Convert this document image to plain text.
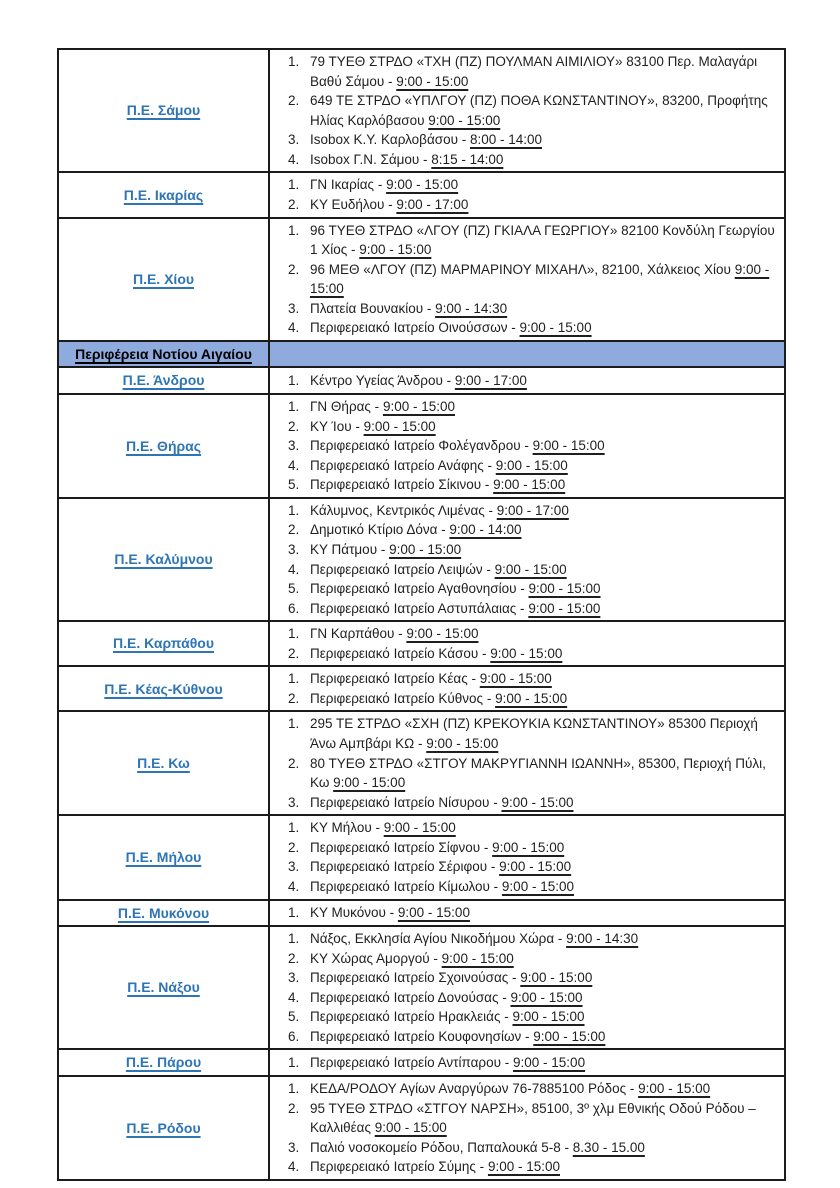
Π.Ε. Σάμου	
1. 79 ΤΥΕΘ ΣΤΡΔΟ «ΤΧΗ (ΠΖ) ΠΟΥΛΜΑΝ ΑΙΜΙΛΙΟΥ» 83100 Περ. Μαλαγάρι Βαθύ Σάμου - 9:00 - 15:00
2. 649 ΤΕ ΣΤΡΔΟ «ΥΠΛΓΟΥ (ΠΖ) ΠΟΘΑ ΚΩΝΣΤΑΝΤΙΝΟΥ», 83200, Προφήτης Ηλίας Καρλόβασου 9:00 - 15:00
3. Isobox Κ.Υ. Καρλοβάσου - 8:00 - 14:00
4. Isobox Γ.Ν. Σάμου - 8:15 - 14:00

Π.Ε. Ικαρίας	
1. ΓΝ Ικαρίας - 9:00 - 15:00
2. ΚΥ Ευδήλου - 9:00 - 17:00

Π.Ε. Χίου	
1. 96 ΤΥΕΘ ΣΤΡΔΟ «ΛΓΟΥ (ΠΖ) ΓΚΙΑΛΑ ΓΕΩΡΓΙΟΥ» 82100 Κονδύλη Γεωργίου 1 Χίος - 9:00 - 15:00
2. 96 ΜΕΘ «ΛΓΟΥ (ΠΖ) ΜΑΡΜΑΡΙΝΟΥ ΜΙΧΑΗΛ», 82100, Χάλκειος Χίου 9:00 - 15:00
3. Πλατεία Βουνακίου - 9:00 - 14:30
4. Περιφερειακό Ιατρείο Οινούσσων - 9:00 - 15:00

Περιφέρεια Νοτίου Αιγαίου	
Π.Ε. Άνδρου	
1.Κέντρο Υγείας Άνδρου - 9:00 - 17:00

Π.Ε. Θήρας	
1. ΓΝ Θήρας - 9:00 - 15:00
2. ΚΥ Ίου - 9:00 - 15:00
3. Περιφερειακό Ιατρείο Φολέγανδρου - 9:00 - 15:00
4. Περιφερειακό Ιατρείο Ανάφης - 9:00 - 15:00
5. Περιφερειακό Ιατρείο Σίκινου - 9:00 - 15:00

Π.Ε. Καλύμνου	
1. Κάλυμνος, Κεντρικός Λιμένας - 9:00 - 17:00
2. Δημοτικό Κτίριο Δόνα - 9:00 - 14:00
3. ΚΥ Πάτμου - 9:00 - 15:00
4. Περιφερειακό Ιατρείο Λειψών - 9:00 - 15:00
5. Περιφερειακό Ιατρείο Αγαθονησίου - 9:00 - 15:00
6. Περιφερειακό Ιατρείο Αστυπάλαιας - 9:00 - 15:00

Π.Ε. Καρπάθου	
1. ΓΝ Καρπάθου - 9:00 - 15:00
2. Περιφερειακό Ιατρείο Κάσου - 9:00 - 15:00

Π.Ε. Κέας-Κύθνου	
1. Περιφερειακό Ιατρείο Κέας - 9:00 - 15:00
2. Περιφερειακό Ιατρείο Κύθνος - 9:00 - 15:00

Π.Ε. Κω	
1. 295 ΤΕ ΣΤΡΔΟ «ΣΧΗ (ΠΖ) ΚΡΕΚΟΥΚΙΑ ΚΩΝΣΤΑΝΤΙΝΟΥ» 85300 Περιοχή Άνω Αμπβάρι ΚΩ - 9:00 - 15:00
2. 80 ΤΥΕΘ ΣΤΡΔΟ «ΣΤΓΟΥ ΜΑΚΡΥΓΙΑΝΝΗ ΙΩΑΝΝΗ», 85300, Περιοχή Πύλι, Κω 9:00 - 15:00
3. Περιφερειακό Ιατρείο Νίσυρου - 9:00 - 15:00

Π.Ε. Μήλου	
1. ΚΥ Μήλου - 9:00 - 15:00
2. Περιφερειακό Ιατρείο Σίφνου - 9:00 - 15:00
3. Περιφερειακό Ιατρείο Σέριφου - 9:00 - 15:00
4. Περιφερειακό Ιατρείο Κίμωλου - 9:00 - 15:00

Π.Ε. Μυκόνου	
1.ΚΥ Μυκόνου - 9:00 - 15:00

Π.Ε. Νάξου	
1. Νάξος, Εκκλησία Αγίου Νικοδήμου Χώρα - 9:00 - 14:30
2. ΚΥ Χώρας Αμοργού - 9:00 - 15:00
3. Περιφερειακό Ιατρείο Σχοινούσας - 9:00 - 15:00
4. Περιφερειακό Ιατρείο Δονούσας - 9:00 - 15:00
5. Περιφερειακό Ιατρείο Ηρακλειάς - 9:00 - 15:00
6. Περιφερειακό Ιατρείο Κουφονησίων - 9:00 - 15:00

Π.Ε. Πάρου	
1.Περιφερειακό Ιατρείο Αντίπαρου - 9:00 - 15:00

Π.Ε. Ρόδου	
1. ΚΕΔΑ/ΡΟΔΟΥ Αγίων Αναργύρων 76-7885100 Ρόδος - 9:00 - 15:00
2. 95 ΤΥΕΘ ΣΤΡΔΟ «ΣΤΓΟΥ ΝΑΡΣΗ», 85100, 3º χλμ Εθνικής Οδού Ρόδου – Καλλιθέας 9:00 - 15:00
3. Παλιό νοσοκομείο Ρόδου, Παπαλουκά 5-8 - 8.30 - 15.00
4. Περιφερειακό Ιατρείο Σύμης - 9:00 - 15:00
